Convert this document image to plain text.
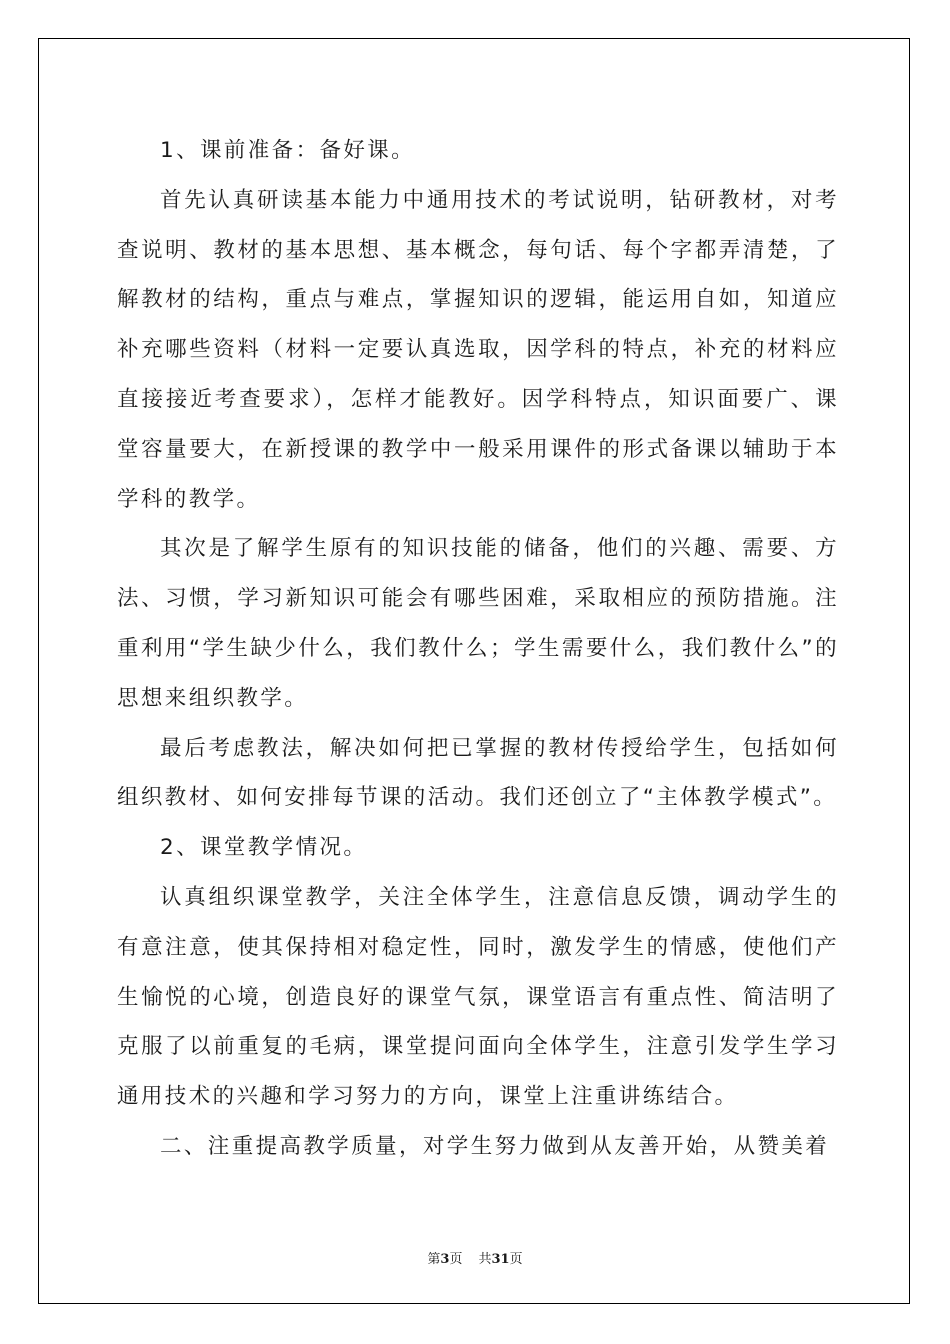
1、课前准备：备好课。

首先认真研读基本能力中通用技术的考试说明，钻研教材，对考查说明、教材的基本思想、基本概念，每句话、每个字都弄清楚，了解教材的结构，重点与难点，掌握知识的逻辑，能运用自如，知道应补充哪些资料（材料一定要认真选取，因学科的特点，补充的材料应直接接近考查要求），怎样才能教好。因学科特点，知识面要广、课堂容量要大，在新授课的教学中一般采用课件的形式备课以辅助于本学科的教学。

其次是了解学生原有的知识技能的储备，他们的兴趣、需要、方法、习惯，学习新知识可能会有哪些困难，采取相应的预防措施。注重利用“学生缺少什么，我们教什么；学生需要什么，我们教什么”的思想来组织教学。

最后考虑教法，解决如何把已掌握的教材传授给学生，包括如何组织教材、如何安排每节课的活动。我们还创立了“主体教学模式”。

2、课堂教学情况。

认真组织课堂教学，关注全体学生，注意信息反馈，调动学生的有意注意，使其保持相对稳定性，同时，激发学生的情感，使他们产生愉悦的心境，创造良好的课堂气氛，课堂语言有重点性、简洁明了克服了以前重复的毛病，课堂提问面向全体学生，注意引发学生学习通用技术的兴趣和学习努力的方向，课堂上注重讲练结合。

二、注重提高教学质量，对学生努力做到从友善开始，从赞美着

第3页 共31页
